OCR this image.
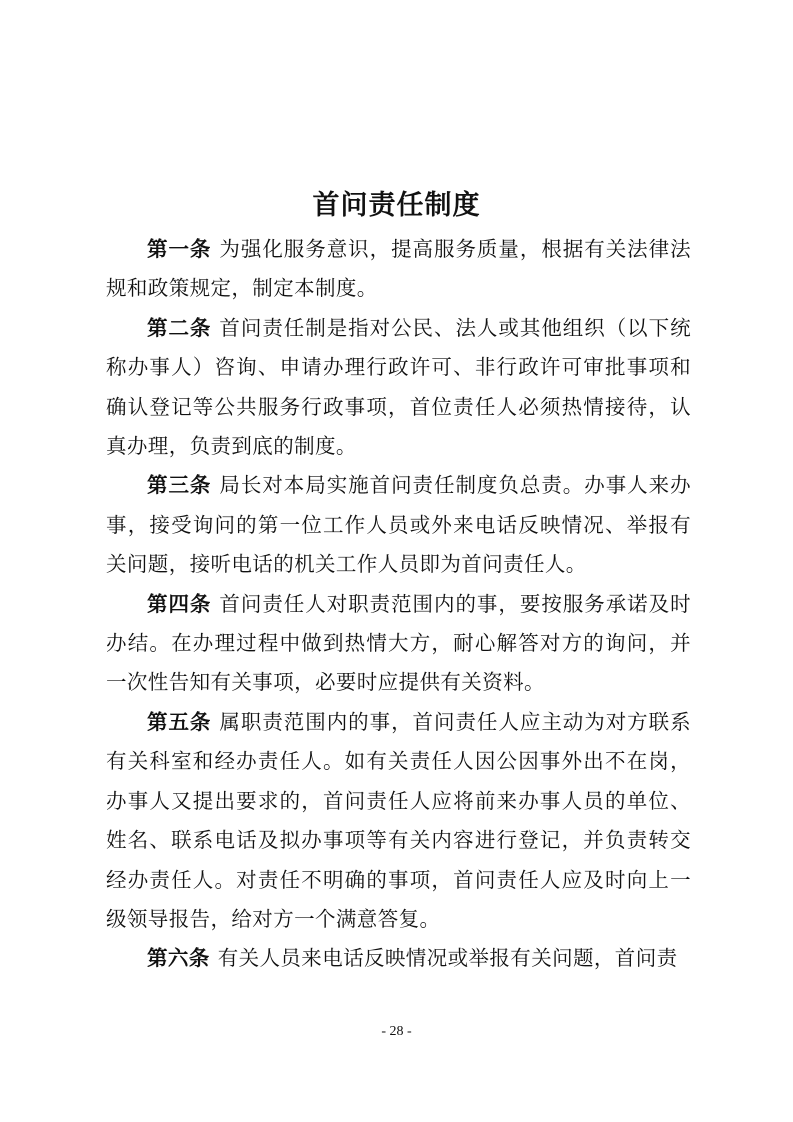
首问责任制度

第一条 为强化服务意识，提高服务质量，根据有关法律法规和政策规定，制定本制度。

第二条 首问责任制是指对公民、法人或其他组织（以下统称办事人）咨询、申请办理行政许可、非行政许可审批事项和确认登记等公共服务行政事项，首位责任人必须热情接待，认真办理，负责到底的制度。

第三条 局长对本局实施首问责任制度负总责。办事人来办事，接受询问的第一位工作人员或外来电话反映情况、举报有关问题，接听电话的机关工作人员即为首问责任人。

第四条 首问责任人对职责范围内的事，要按服务承诺及时办结。在办理过程中做到热情大方，耐心解答对方的询问，并一次性告知有关事项，必要时应提供有关资料。

第五条 属职责范围内的事，首问责任人应主动为对方联系有关科室和经办责任人。如有关责任人因公因事外出不在岗，办事人又提出要求的，首问责任人应将前来办事人员的单位、姓名、联系电话及拟办事项等有关内容进行登记，并负责转交经办责任人。对责任不明确的事项，首问责任人应及时向上一级领导报告，给对方一个满意答复。

第六条 有关人员来电话反映情况或举报有关问题，首问责

- 28 -
